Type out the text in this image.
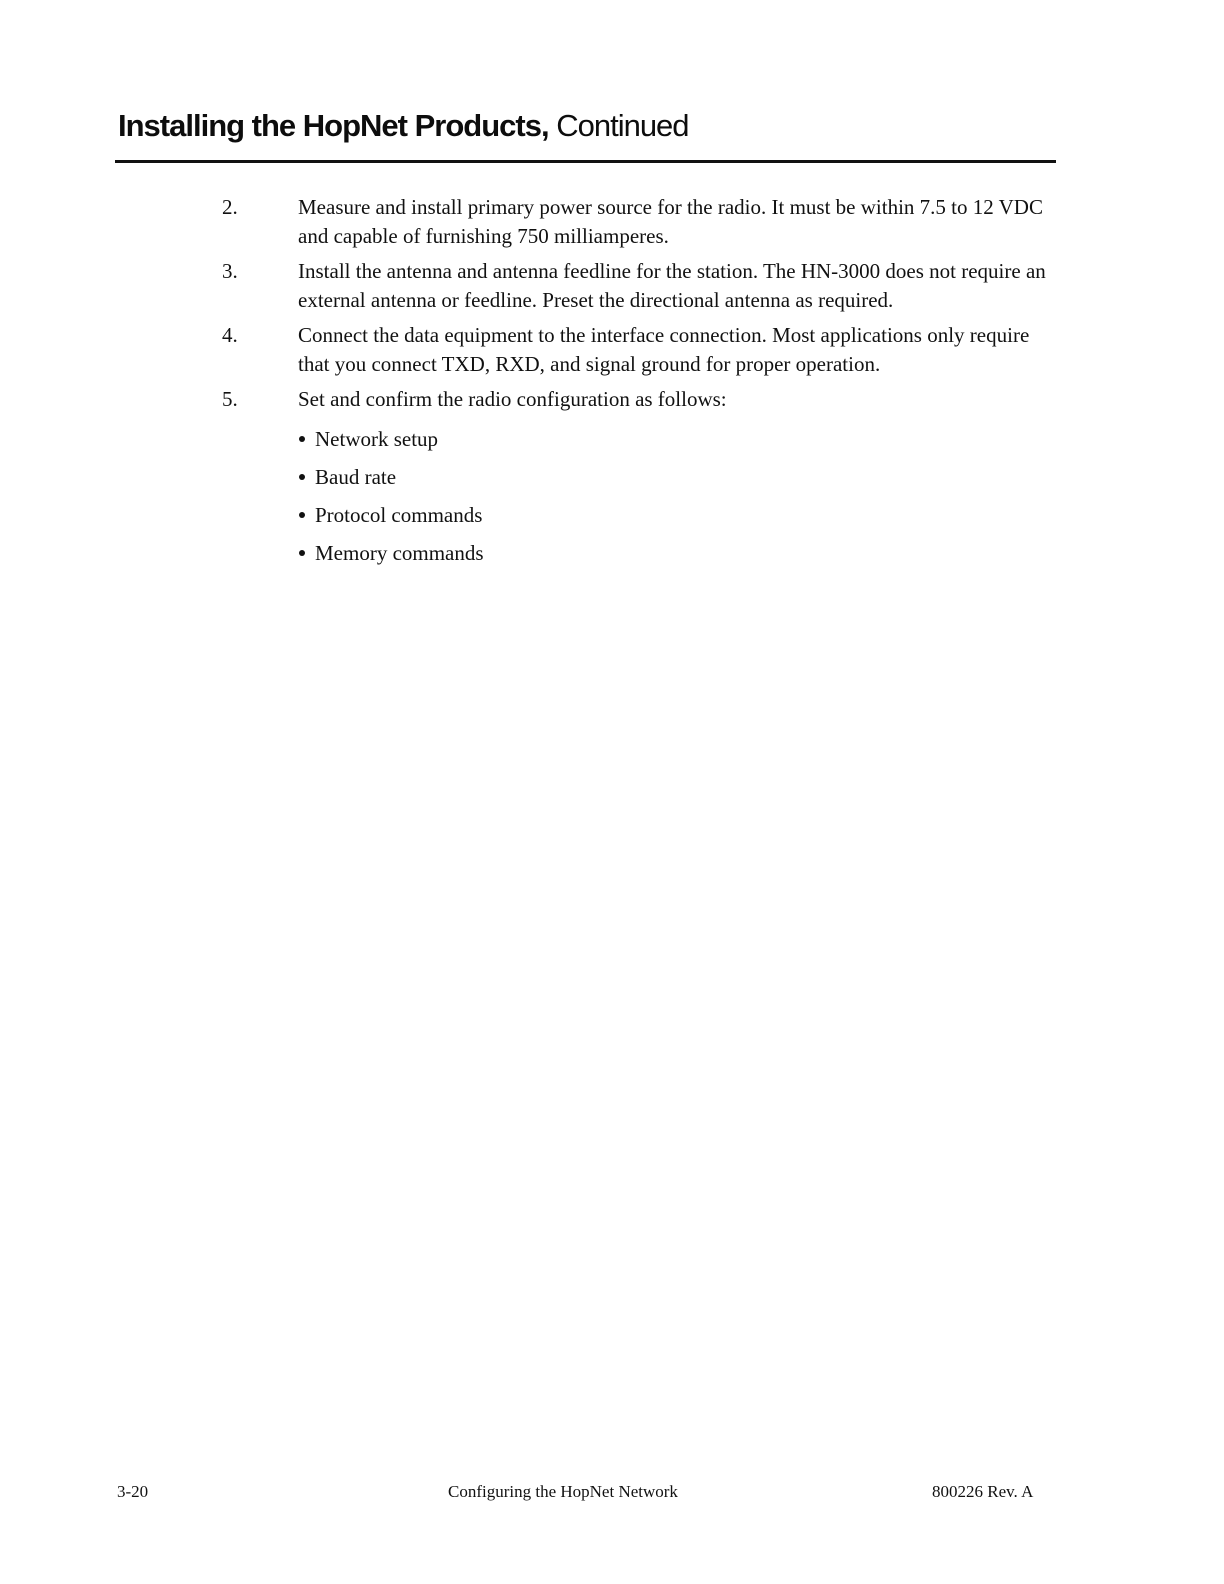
Installing the HopNet Products, Continued
2.	Measure and install primary power source for the radio. It must be within 7.5 to 12 VDC and capable of furnishing 750 milliamperes.
3.	Install the antenna and antenna feedline for the station. The HN-3000 does not require an external antenna or feedline. Preset the directional antenna as required.
4.	Connect the data equipment to the interface connection. Most applications only require that you connect TXD, RXD, and signal ground for proper operation.
5.	Set and confirm the radio configuration as follows:
Network setup
Baud rate
Protocol commands
Memory commands
3-20	Configuring the HopNet Network	800226 Rev. A
